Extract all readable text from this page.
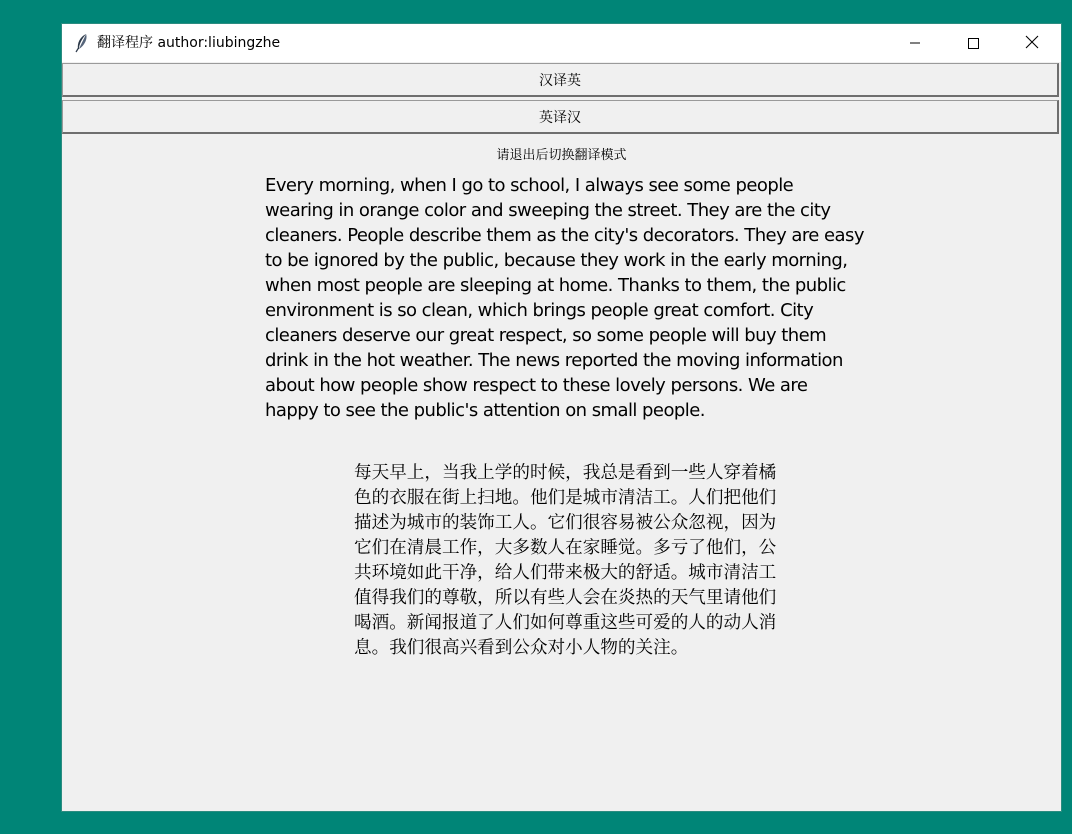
翻译程序 author:liubingzhe
汉译英
英译汉
请退出后切换翻译模式
Every morning, when I go to school, I always see some people wearing in orange color and sweeping the street. They are the city cleaners. People describe them as the city's decorators. They are easy to be ignored by the public, because they work in the early morning, when most people are sleeping at home. Thanks to them, the public environment is so clean, which brings people great comfort. City cleaners deserve our great respect, so some people will buy them drink in the hot weather. The news reported the moving information about how people show respect to these lovely persons. We are happy to see the public's attention on small people.
每天早上，当我上学的时候，我总是看到一些人穿着橘色的衣服在街上扫地。他们是城市清洁工。人们把他们描述为城市的装饰工人。它们很容易被公众忽视，因为它们在清晨工作，大多数人在家睡觉。多亏了他们，公共环境如此干净，给人们带来极大的舒适。城市清洁工值得我们的尊敬，所以有些人会在炎热的天气里请他们喝酒。新闻报道了人们如何尊重这些可爱的人的动人消息。我们很高兴看到公众对小人物的关注。
